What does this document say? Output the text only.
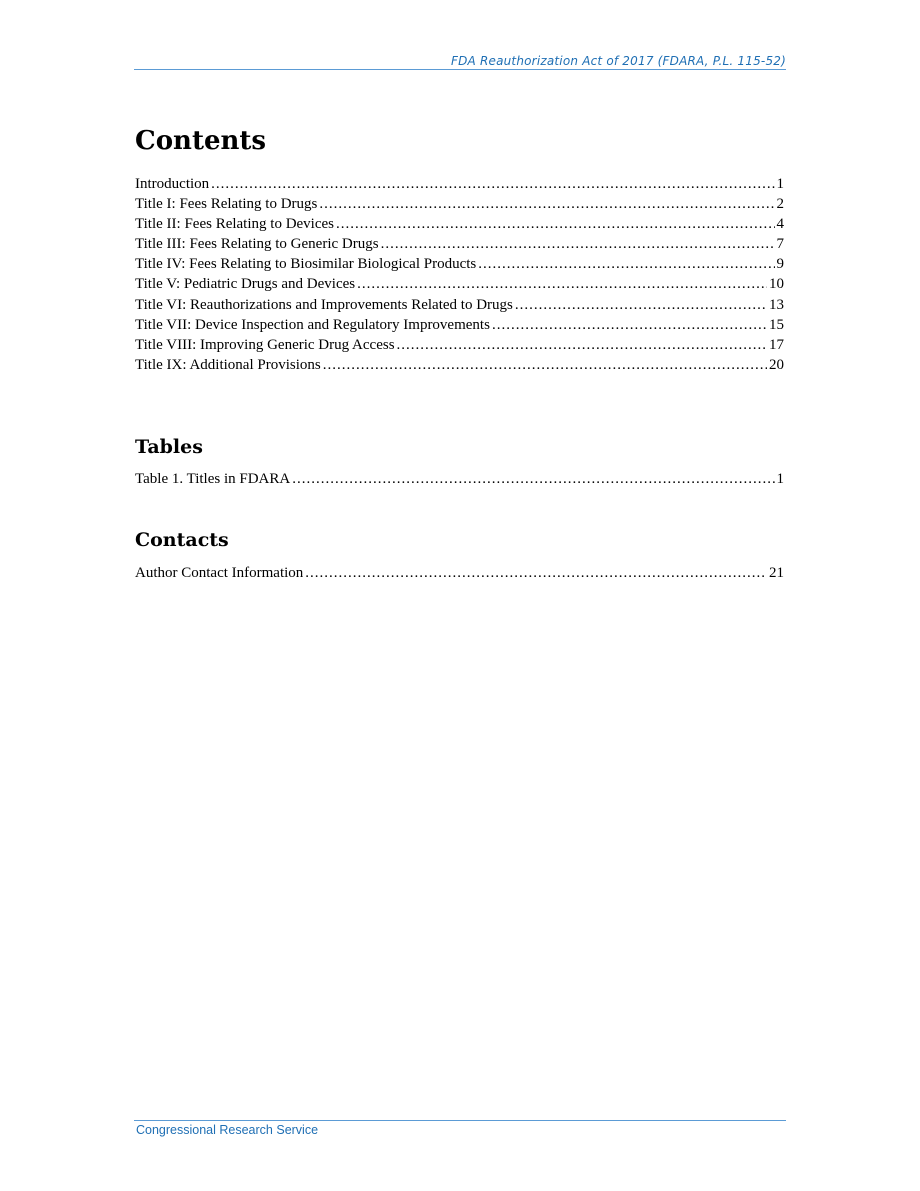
FDA Reauthorization Act of 2017 (FDARA, P.L. 115-52)
Contents
Introduction .....	1
Title I: Fees Relating to Drugs .....	2
Title II: Fees Relating to Devices .....	4
Title III: Fees Relating to Generic Drugs .....	7
Title IV: Fees Relating to Biosimilar Biological Products .....	9
Title V: Pediatric Drugs and Devices .....	10
Title VI: Reauthorizations and Improvements Related to Drugs .....	13
Title VII: Device Inspection and Regulatory Improvements .....	15
Title VIII: Improving Generic Drug Access .....	17
Title IX: Additional Provisions .....	20
Tables
Table 1. Titles in FDARA .....	1
Contacts
Author Contact Information .....	21
Congressional Research Service
